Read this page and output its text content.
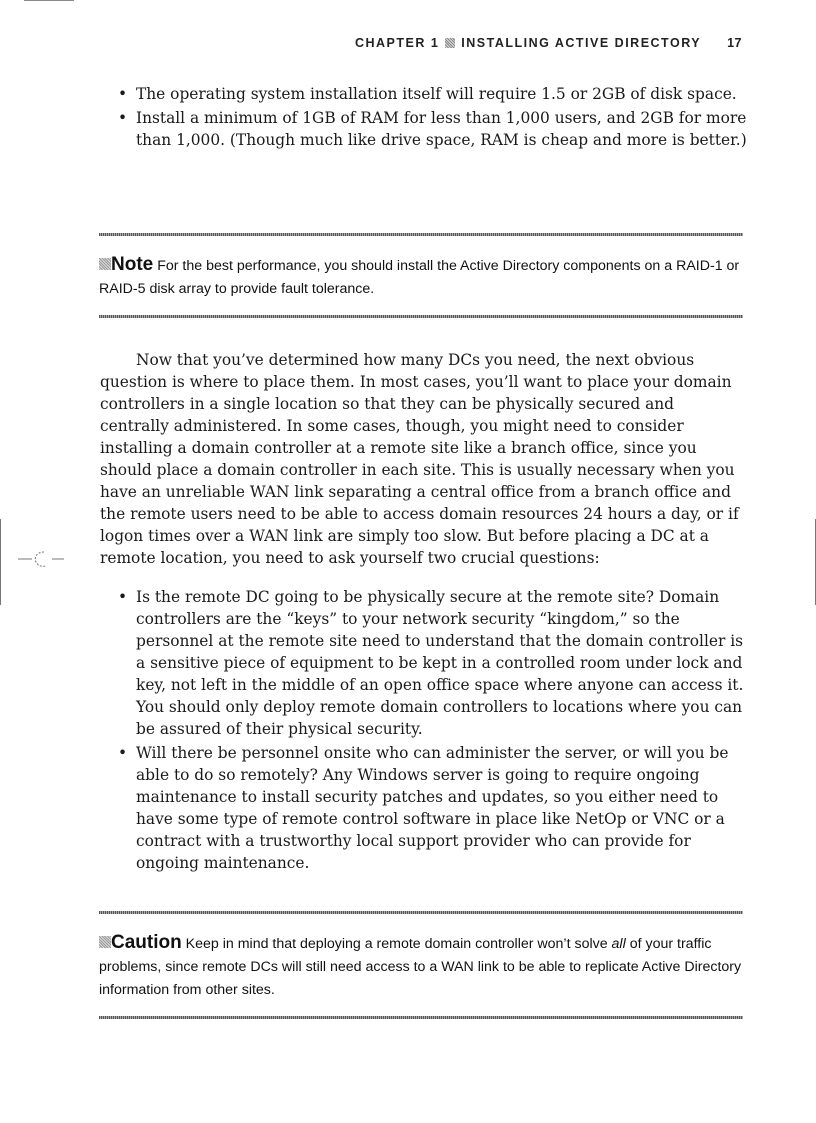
CHAPTER 1 INSTALLING ACTIVE DIRECTORY 17
• The operating system installation itself will require 1.5 or 2GB of disk space.
• Install a minimum of 1GB of RAM for less than 1,000 users, and 2GB for more than 1,000. (Though much like drive space, RAM is cheap and more is better.)
Note For the best performance, you should install the Active Directory components on a RAID-1 or RAID-5 disk array to provide fault tolerance.

Now that you’ve determined how many DCs you need, the next obvious question is where to place them. In most cases, you’ll want to place your domain controllers in a single location so that they can be physically secured and centrally administered. In some cases, though, you might need to consider installing a domain controller at a remote site like a branch office, since you should place a domain controller in each site. This is usually necessary when you have an unreliable WAN link separating a central office from a branch office and the remote users need to be able to access domain resources 24 hours a day, or if logon times over a WAN link are simply too slow. But before placing a DC at a remote location, you need to ask yourself two crucial questions:

• Is the remote DC going to be physically secure at the remote site? Domain controllers are the “keys” to your network security “kingdom,” so the personnel at the remote site need to understand that the domain controller is a sensitive piece of equipment to be kept in a controlled room under lock and key, not left in the middle of an open office space where anyone can access it. You should only deploy remote domain controllers to locations where you can be assured of their physical security.
• Will there be personnel onsite who can administer the server, or will you be able to do so remotely? Any Windows server is going to require ongoing maintenance to install security patches and updates, so you either need to have some type of remote control software in place like NetOp or VNC or a contract with a trustworthy local support provider who can provide for ongoing maintenance.
Caution Keep in mind that deploying a remote domain controller won’t solve all of your traffic problems, since remote DCs will still need access to a WAN link to be able to replicate Active Directory information from other sites.
